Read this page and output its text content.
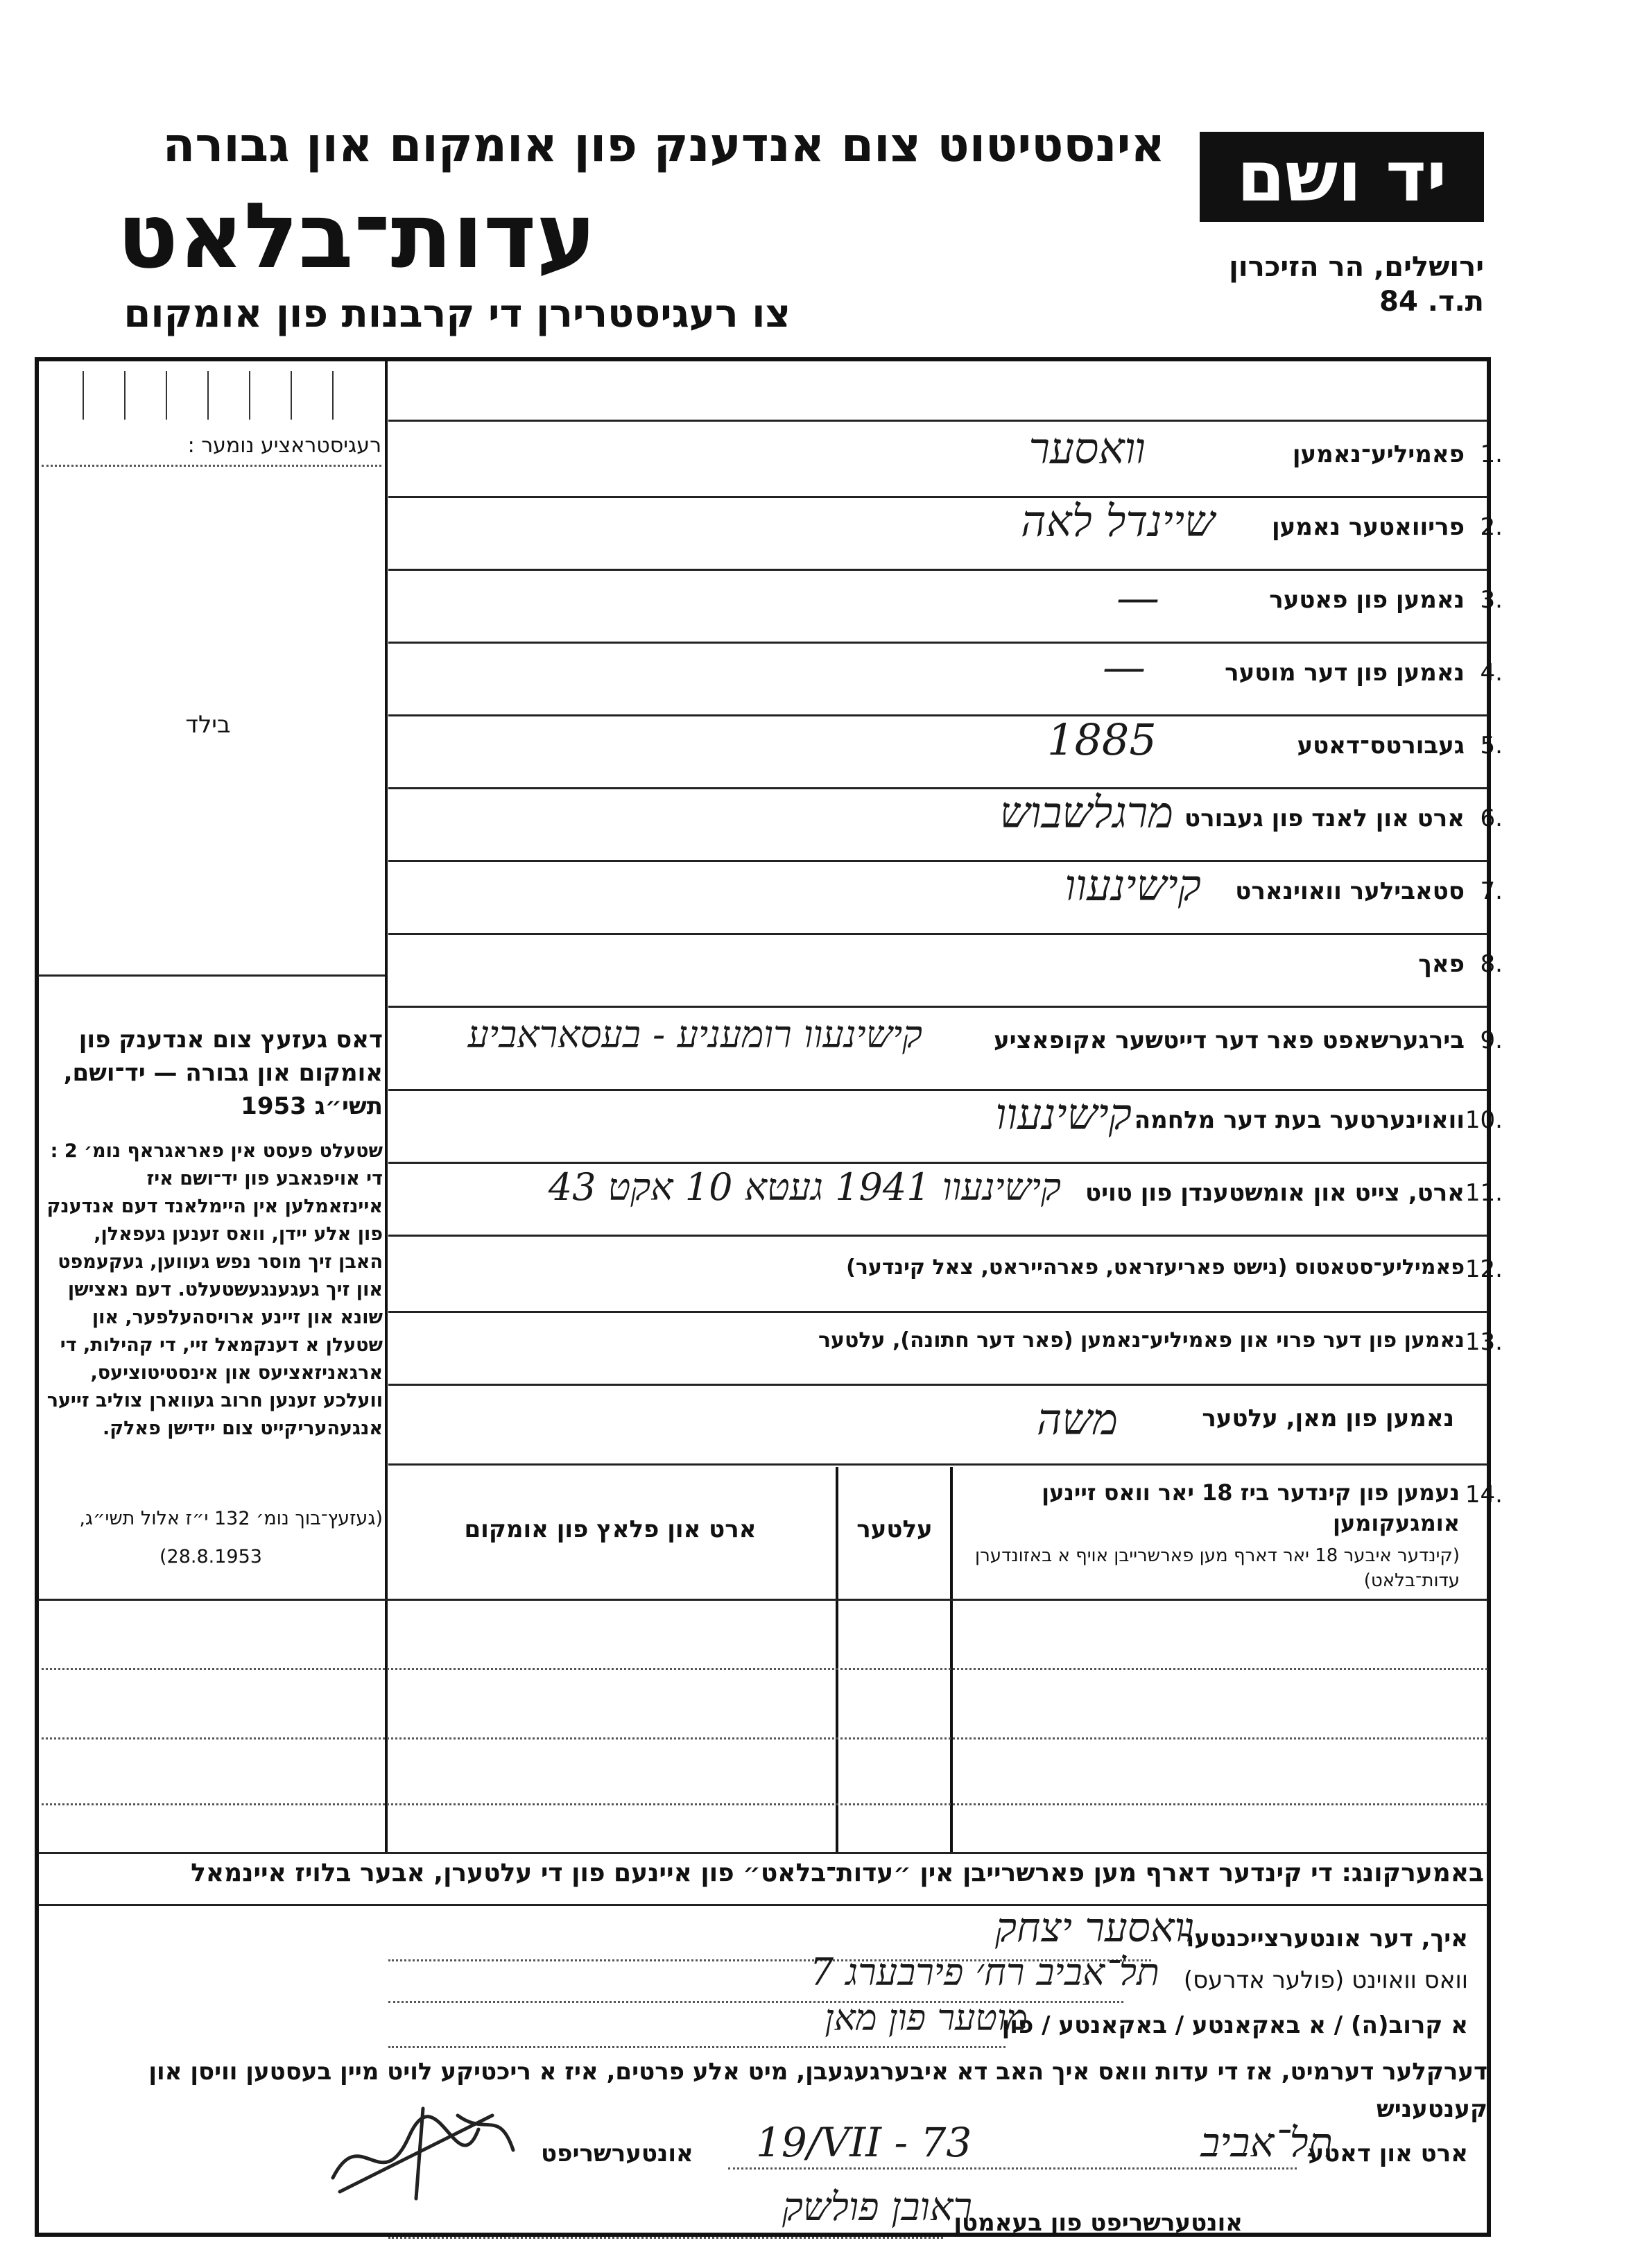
יד ושם
אינסטיטוט צום אנדענק פון אומקום און גבורה
עדות־בלאט
צו רעגיסטרירן די קרבנות פון אומקום
ירושלים, הר הזיכרון
ת.ד. 84
רעגיסטראציע נומער :
בילד
דאס געזעץ צום אנדענק פון אומקום און גבורה — יד־ושם, תשי״ג 1953
שטעלט פעסט אין פאראגראף נומ׳ 2 : די אויפגאבע פון יד־ושם איז איינזאמלען אין היימלאנד דעם אנדענק פון אלע יידן, וואס זענען געפאלן, האבן זיך מוסר נפש געווען, געקעמפט און זיך געגענגעשטעלט. דעם נאצישן שונא און זיינע ארויסהעלפער, און שטעלן א דענקמאל זיי, די קהילות, די ארגאניזאציעס און אינסטיטוציעס, וועלכע זענען חרוב געווארן צוליב זייער אנגעהעריקייט צום יידישן פאלק.
(געזעץ־בוך נומ׳ 132 י״ז אלול תשי״ג,
(28.8.1953
1.
פאמיליע־נאמען
װאסער
2.
פריוואטער נאמען
שיינדל לאה
3.
נאמען פון פאטער
—
4.
נאמען פון דער מוטער
—
5.
געבורטס־דאטע
1885
6.
ארט און לאנד פון געבורט
מרגלשבוש
7.
סטאבילער וואוינארט
קישינעוו
8.
פאך
9.
בירגערשאפט פאר דער דייטשער אקופאציע
קישינעוו רומעניע - בעסאראביע
10.
וואוינערטער בעת דער מלחמה
קישינעוו
11.
ארט, צייט און אומשטענדן פון טויט
קישינעוו 1941 געטא 10 אקט 43
12.
פאמיליע־סטאטוס (נישט פאריעזראט, פארהייראט, צאל קינדער)
13.
נאמען פון דער פרוי און פאמיליע־נאמען (פאר דער חתונה), עלטער
נאמען פון מאן, עלטער
משה
14.
נעמען פון קינדער ביז 18 יאר וואס זיינען אומגעקומען
(קינדער איבער 18 יאר דארף מען פארשרייבן אויף א באזונדערן עדות־בלאט)
עלטער
ארט און פלאץ פון אומקום
באמערקונג: די קינדער דארף מען פארשרייבן אין ״עדות־בלאט״ פון איינעם פון די עלטערן, אבער בלויז איינמאל
איך, דער אונטערצייכנטער
װאסער יצחק
וואס וואוינט (פולער אדרעס)
תל־אביב רח׳ פירבערג 7
א קרוב(ה) / א באקאנטע / באקאנטע / פון
מוטער פון מאן
דערקלער דערמיט, אז די עדות וואס איך האב דא איבערגעגעבן, מיט אלע פרטים, איז א ריכטיקע לויט מיין בעסטען וויסן און קענטעניש
ארט און דאטע
תל־אביב
19/VII - 73
אונטערשריפט
אונטערשריפט פון בעאמטן
ראובן פולשק
